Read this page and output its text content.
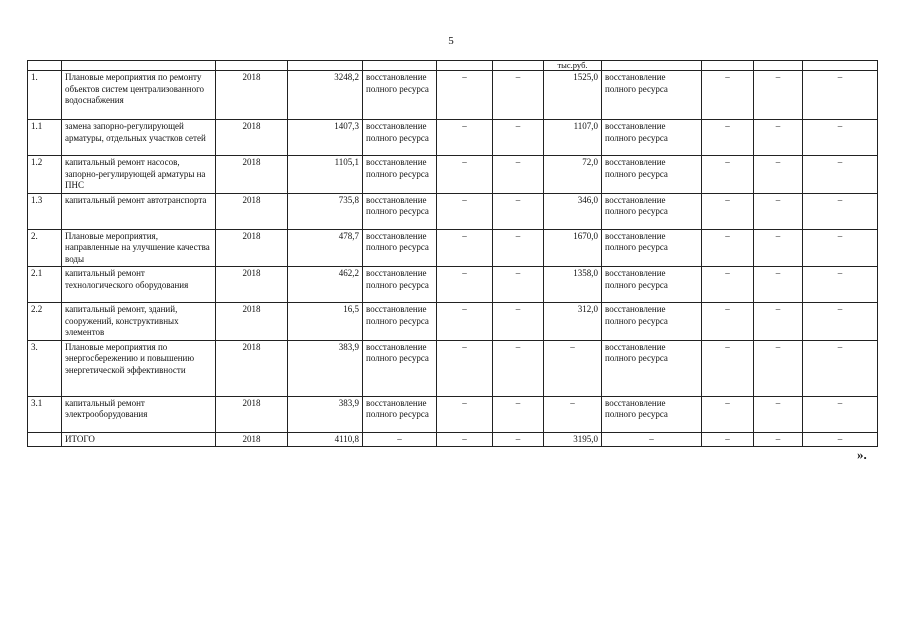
5
							тыс.руб.				
1.	Плановые мероприятия по ремонту объектов систем централизованного водоснабжения	2018	3248,2	восстановление полного ресурса	–	–	1525,0	восстановление полного ресурса	–	–	–
1.1	замена запорно-регулирующей арматуры, отдельных участков сетей	2018	1407,3	восстановление полного ресурса	–	–	1107,0	восстановление полного ресурса	–	–	–
1.2	капитальный ремонт насосов, запорно-регулирующей арматуры на ПНС	2018	1105,1	восстановление полного ресурса	–	–	72,0	восстановление полного ресурса	–	–	–
1.3	капитальный ремонт автотранспорта	2018	735,8	восстановление полного ресурса	–	–	346,0	восстановление полного ресурса	–	–	–
2.	Плановые мероприятия, направленные на улучшение качества воды	2018	478,7	восстановление полного ресурса	–	–	1670,0	восстановление полного ресурса	–	–	–
2.1	капитальный ремонт технологического оборудования	2018	462,2	восстановление полного ресурса	–	–	1358,0	восстановление полного ресурса	–	–	–
2.2	капитальный ремонт, зданий, сооружений, конструктивных элементов	2018	16,5	восстановление полного ресурса	–	–	312,0	восстановление полного ресурса	–	–	–
3.	Плановые мероприятия по энергосбережению и повышению энергетической эффективности	2018	383,9	восстановление полного ресурса	–	–	–	восстановление полного ресурса	–	–	–
3.1	капитальный ремонт электрооборудования	2018	383,9	восстановление полного ресурса	–	–	–	восстановление полного ресурса	–	–	–
	ИТОГО	2018	4110,8	–	–	–	3195,0	–	–	–	–
».
